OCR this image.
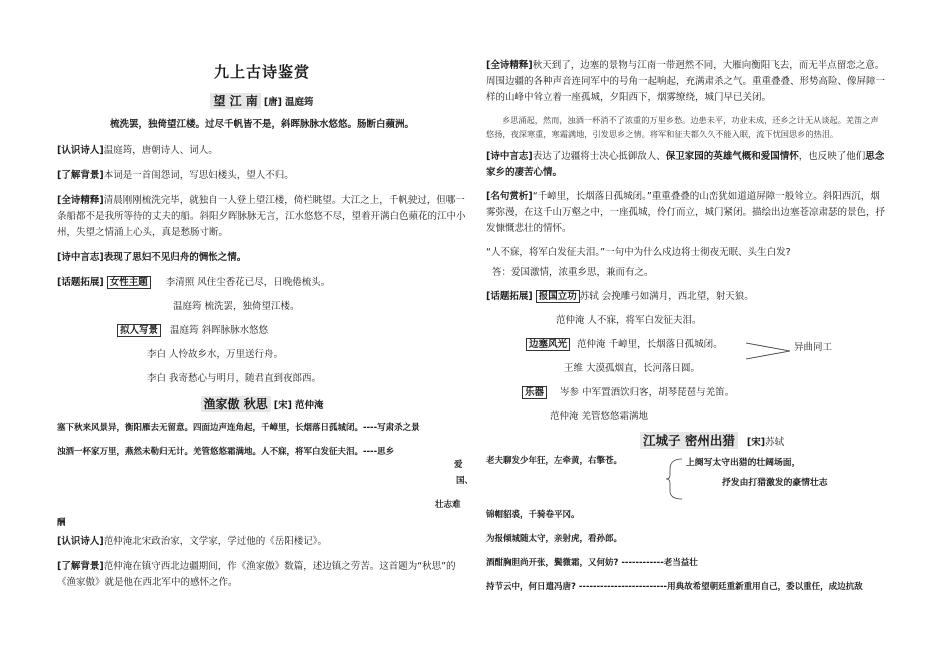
九上古诗鉴赏

望 江 南 [唐] 温庭筠

梳洗罢，独倚望江楼。过尽千帆皆不是，斜晖脉脉水悠悠。肠断白蘋洲。

[认识诗人]温庭筠，唐朝诗人、词人。

[了解背景]本词是一首闺怨词，写思妇楼头，望人不归。

[全诗精释]清晨刚刚梳洗完毕，就独自一人登上望江楼，倚栏眺望。大江之上，千帆驶过，但哪一条船都不是我所等待的丈夫的船。斜阳夕晖脉脉无言，江水悠悠不尽，望着开满白色蘋花的江中小州，失望之情涌上心头，真是愁肠寸断。

[诗中言志]表现了思妇不见归舟的惆怅之情。

[话题拓展] 女性主题 李清照 风住尘香花已尽，日晚倦梳头。

温庭筠 梳洗罢，独倚望江楼。

拟人写景 温庭筠 斜晖脉脉水悠悠

李白 人怜故乡水，万里送行舟。

李白 我寄愁心与明月，随君直到夜郎西。

渔家傲 秋思 [宋] 范仲淹

塞下秋来风景异，衡阳雁去无留意。四面边声连角起，千嶂里，长烟落日孤城闭。----写肃杀之景

浊酒一杯家万里，燕然未勒归无计。羌管悠悠霜满地。人不寐，将军白发征夫泪。----思乡

爱
国、
壮志难
酬

[认识诗人]范仲淹北宋政治家，文学家，学过他的《岳阳楼记》。

[了解背景]范仲淹在镇守西北边疆期间，作《渔家傲》数篇，述边镇之劳苦。这首题为“秋思”的《渔家傲》就是他在西北军中的感怀之作。

[全诗精释]秋天到了，边塞的景物与江南一带迥然不同，大雁向衡阳飞去，而无半点留恋之意。周围边疆的各种声音连同军中的号角一起响起，充满肃杀之气。重重叠叠、形势高险、像屏障一样的山峰中耸立着一座孤城，夕阳西下，烟雾缭绕，城门早已关闭。

乡思涌起，然而，浊酒一杯消不了浓重的万里乡愁。边患未平，功业未成，还乡之计无从谈起。羌笛之声悠扬，夜深寒重，寒霜满地，引发思乡之情。将军和征夫都久久不能入眠，流下忧国思乡的热泪。

[诗中言志]表达了边疆将士决心抵御敌人、保卫家园的英雄气概和爱国情怀，也反映了他们思念家乡的凄苦心情。

[名句赏析]“千嶂里，长烟落日孤城闭。”重重叠叠的山峦犹如道道屏障一般耸立。斜阳西沉，烟雾弥漫，在这千山万壑之中，一座孤城，伶仃而立，城门紧闭。描绘出边塞苍凉肃瑟的景色，抒发慷慨悲壮的情怀。

“人不寐，将军白发征夫泪。”一句中为什么戍边将士彻夜无眠、头生白发?

答：爱国激情，浓重乡思，兼而有之。

[话题拓展] 报国立功 苏轼 会挽雕弓如满月，西北望，射天狼。

范仲淹 人不寐，将军白发征夫泪。

边塞风光 范仲淹 千嶂里，长烟落日孤城闭。	异曲同工

王维 大漠孤烟直，长河落日圆。

乐器 岑参 中军置酒饮归客，胡琴琵琶与羌笛。

范仲淹 羌管悠悠霜满地

江城子 密州出猎 [宋]苏轼

老夫聊发少年狂，左牵黄，右擎苍。	上阕写太守出猎的壮阔场面，
抒发由打猎激发的豪情壮志

锦帽貂裘，千骑卷平冈。

为报倾城随太守，亲射虎，看孙郎。

酒酣胸胆尚开张，鬓微霜，又何妨? ------------老当益壮

持节云中，何日遣冯唐? -------------------------用典故希望朝廷重新重用自己，委以重任，成边抗敌
